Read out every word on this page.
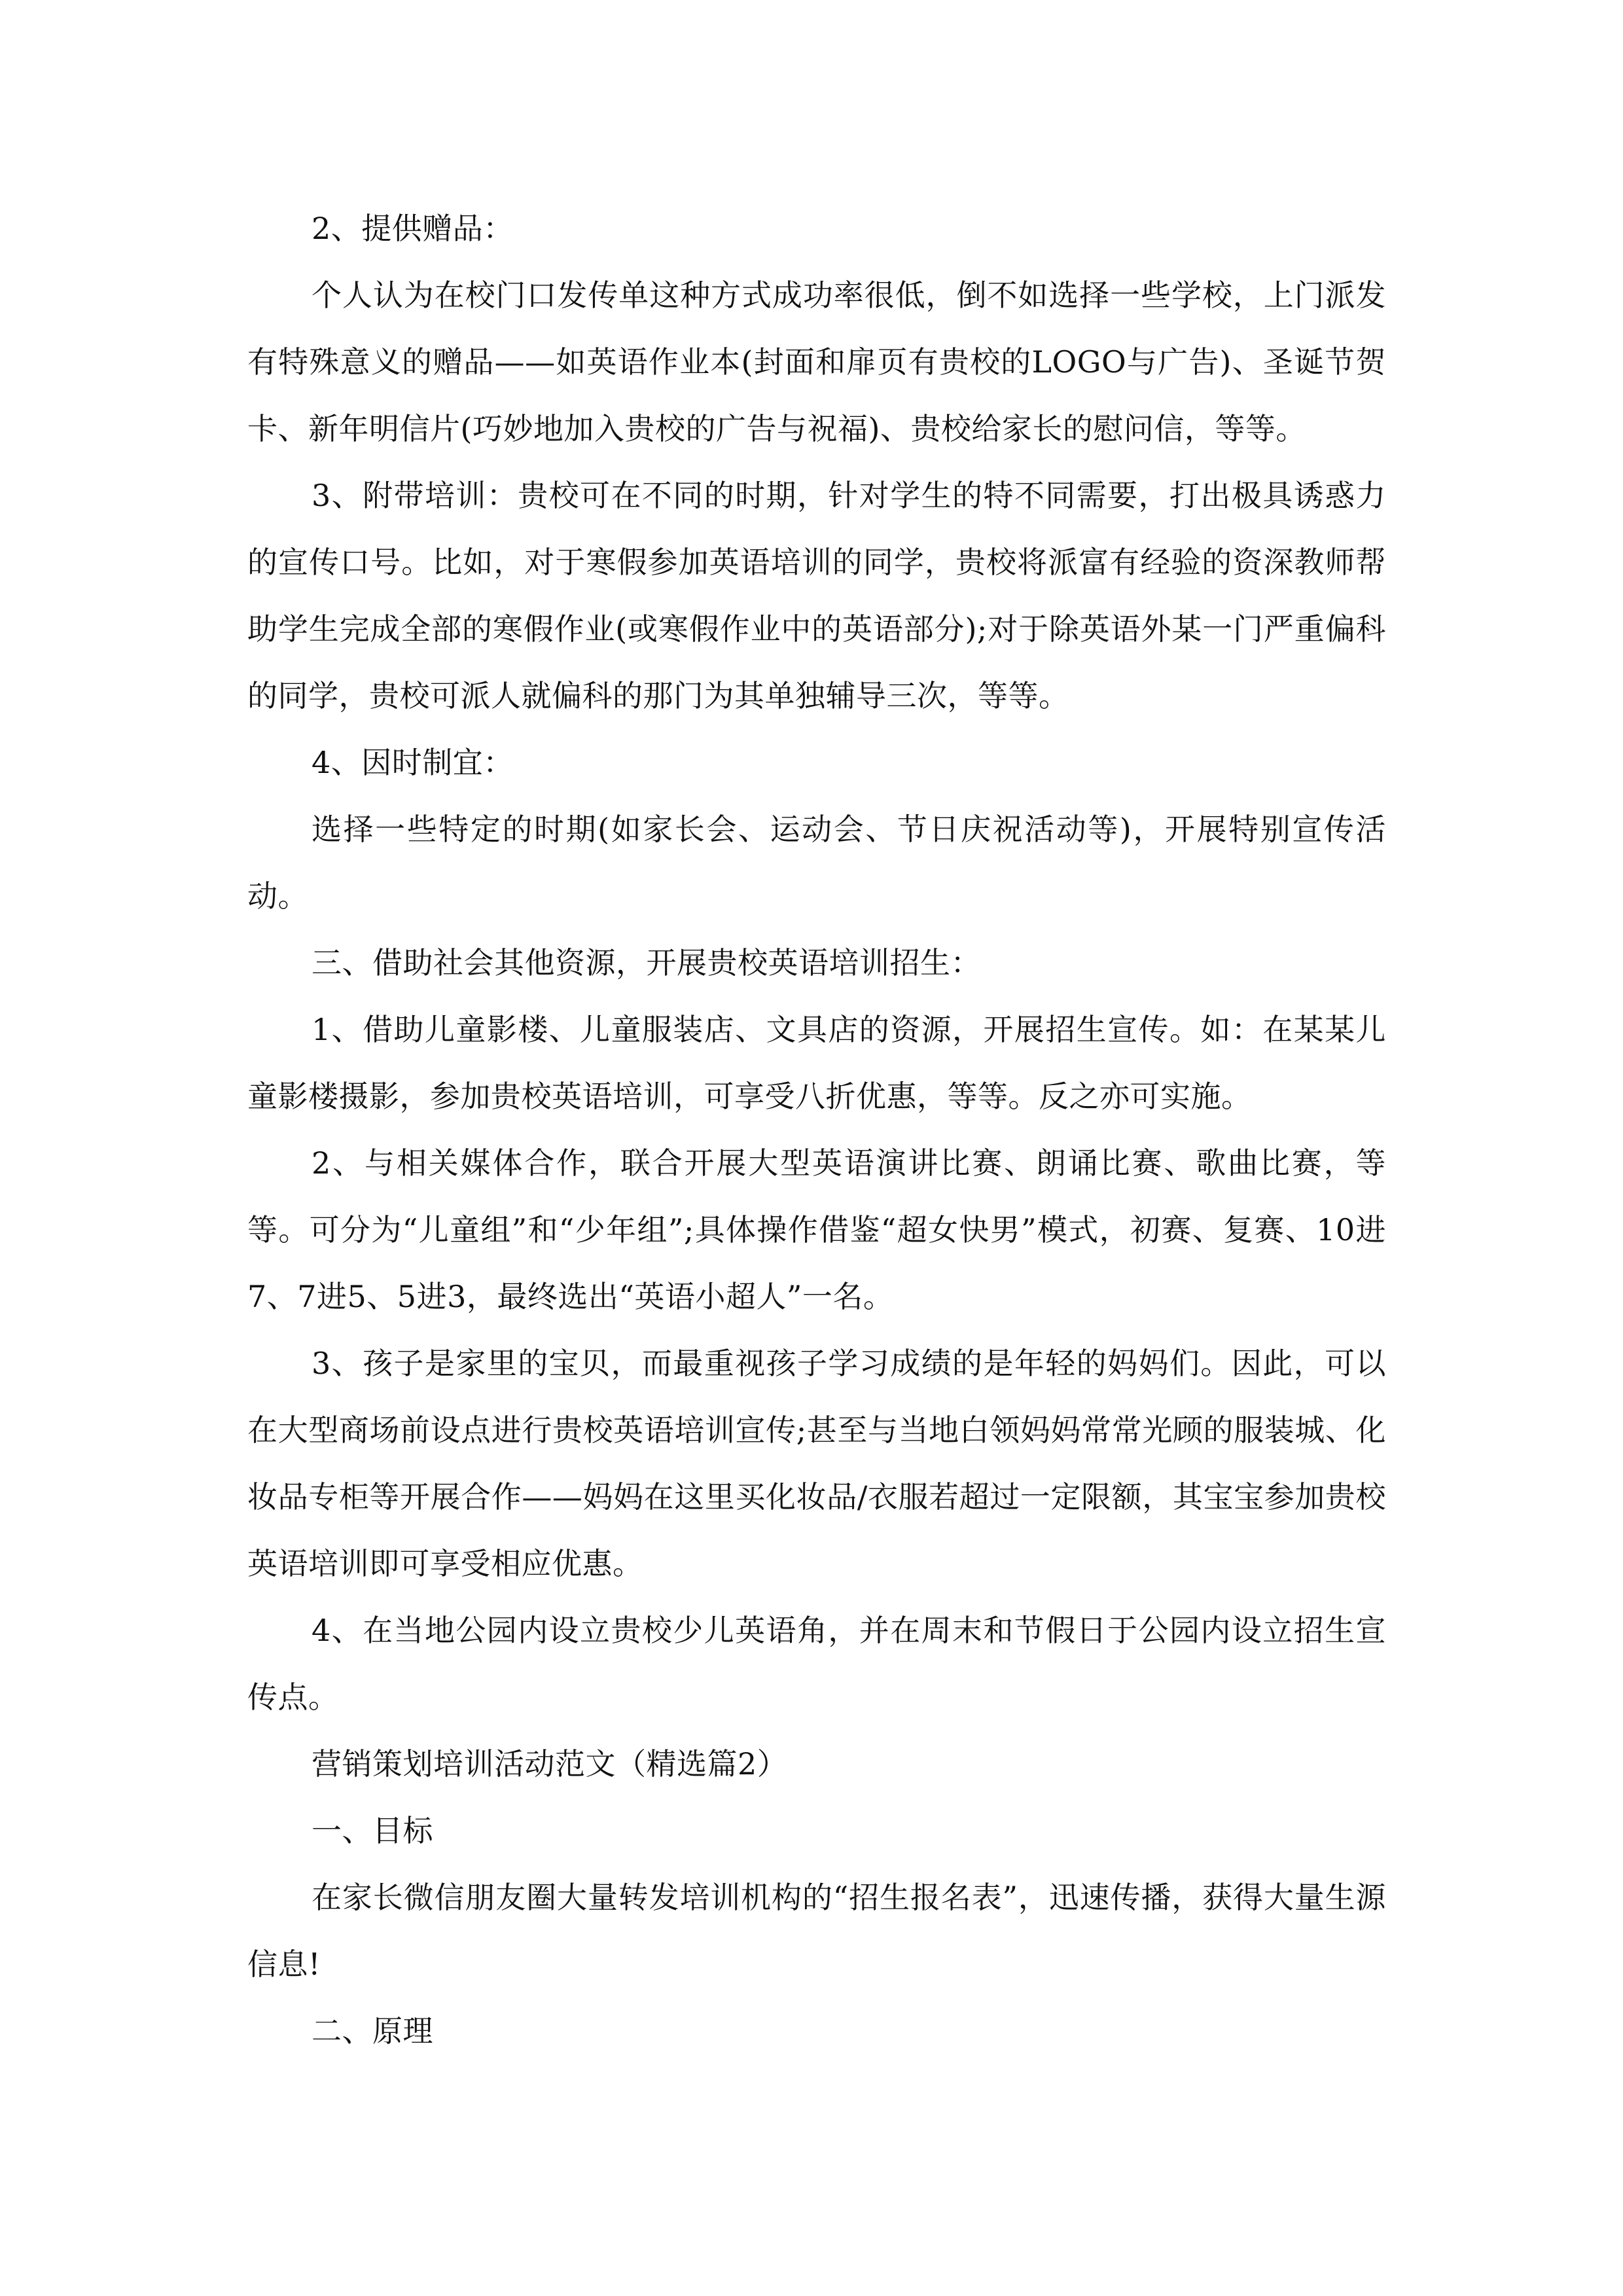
2、提供赠品：

个人认为在校门口发传单这种方式成功率很低，倒不如选择一些学校，上门派发有特殊意义的赠品——如英语作业本(封面和扉页有贵校的LOGO与广告)、圣诞节贺卡、新年明信片(巧妙地加入贵校的广告与祝福)、贵校给家长的慰问信，等等。

3、附带培训：贵校可在不同的时期，针对学生的特不同需要，打出极具诱惑力的宣传口号。比如，对于寒假参加英语培训的同学，贵校将派富有经验的资深教师帮助学生完成全部的寒假作业(或寒假作业中的英语部分);对于除英语外某一门严重偏科的同学，贵校可派人就偏科的那门为其单独辅导三次，等等。

4、因时制宜：

选择一些特定的时期(如家长会、运动会、节日庆祝活动等)，开展特别宣传活动。

三、借助社会其他资源，开展贵校英语培训招生：

1、借助儿童影楼、儿童服装店、文具店的资源，开展招生宣传。如：在某某儿童影楼摄影，参加贵校英语培训，可享受八折优惠，等等。反之亦可实施。

2、与相关媒体合作，联合开展大型英语演讲比赛、朗诵比赛、歌曲比赛，等等。可分为“儿童组”和“少年组”;具体操作借鉴“超女快男”模式，初赛、复赛、10进7、7进5、5进3，最终选出“英语小超人”一名。

3、孩子是家里的宝贝，而最重视孩子学习成绩的是年轻的妈妈们。因此，可以在大型商场前设点进行贵校英语培训宣传;甚至与当地白领妈妈常常光顾的服装城、化妆品专柜等开展合作——妈妈在这里买化妆品/衣服若超过一定限额，其宝宝参加贵校英语培训即可享受相应优惠。

4、在当地公园内设立贵校少儿英语角，并在周末和节假日于公园内设立招生宣传点。

营销策划培训活动范文（精选篇2）

一、目标

在家长微信朋友圈大量转发培训机构的“招生报名表”，迅速传播，获得大量生源信息!

二、原理
